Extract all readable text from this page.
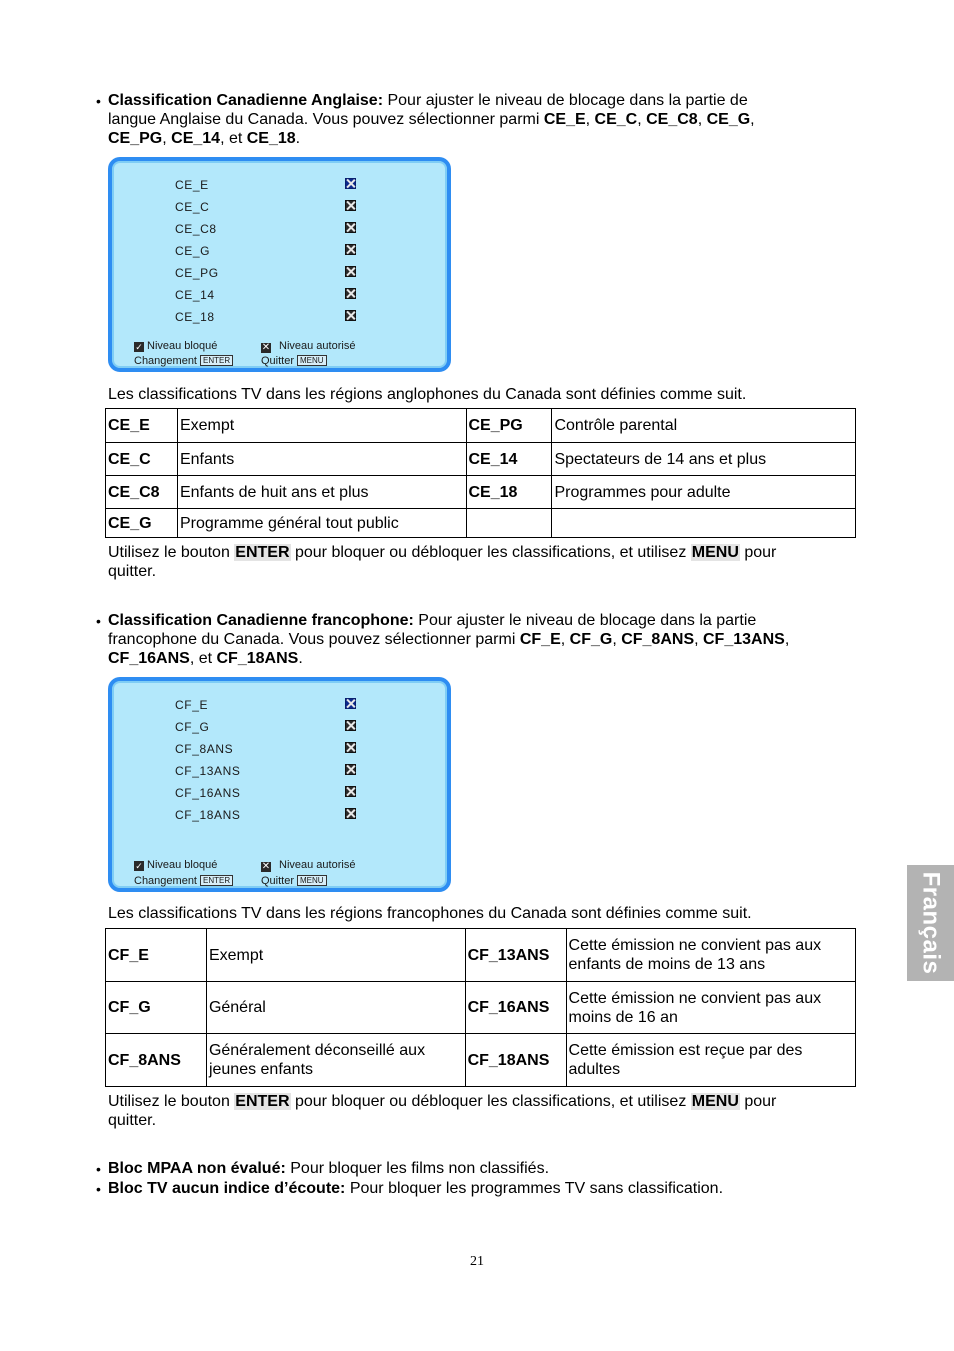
• Classification Canadienne Anglaise: Pour ajuster le niveau de blocage dans la partie de
langue Anglaise du Canada. Vous pouvez sélectionner parmi CE_E, CE_C, CE_C8, CE_G,
CE_PG, CE_14, et CE_18.
CE_E
CE_C
CE_C8
CE_G
CE_PG
CE_14
CE_18
✓ Niveau bloqué	✕ Niveau autorisé
Changement ENTER	Quitter MENU
Les classifications TV dans les régions anglophones du Canada sont définies comme suit.
CE_E	Exempt	CE_PG	Contrôle parental
CE_C	Enfants	CE_14	Spectateurs de 14 ans et plus
CE_C8	Enfants de huit ans et plus	CE_18	Programmes pour adulte
CE_G	Programme général tout public		
Utilisez le bouton ENTER pour bloquer ou débloquer les classifications, et utilisez MENU pour
quitter.
• Classification Canadienne francophone: Pour ajuster le niveau de blocage dans la partie
francophone du Canada. Vous pouvez sélectionner parmi CF_E, CF_G, CF_8ANS, CF_13ANS,
CF_16ANS, et CF_18ANS.
CF_E
CF_G
CF_8ANS
CF_13ANS
CF_16ANS
CF_18ANS
✓ Niveau bloqué	✕ Niveau autorisé
Changement ENTER	Quitter MENU
Les classifications TV dans les régions francophones du Canada sont définies comme suit.
CF_E	Exempt	CF_13ANS	Cette émission ne convient pas aux
enfants de moins de 13 ans
CF_G	Général	CF_16ANS	Cette émission ne convient pas aux
moins de 16 an
CF_8ANS	Généralement déconseillé aux
jeunes enfants	CF_18ANS	Cette émission est reçue par des
adultes
Utilisez le bouton ENTER pour bloquer ou débloquer les classifications, et utilisez MENU pour
quitter.
• Bloc MPAA non évalué: Pour bloquer les films non classifiés.
• Bloc TV aucun indice d’écoute: Pour bloquer les programmes TV sans classification.
Français
21
